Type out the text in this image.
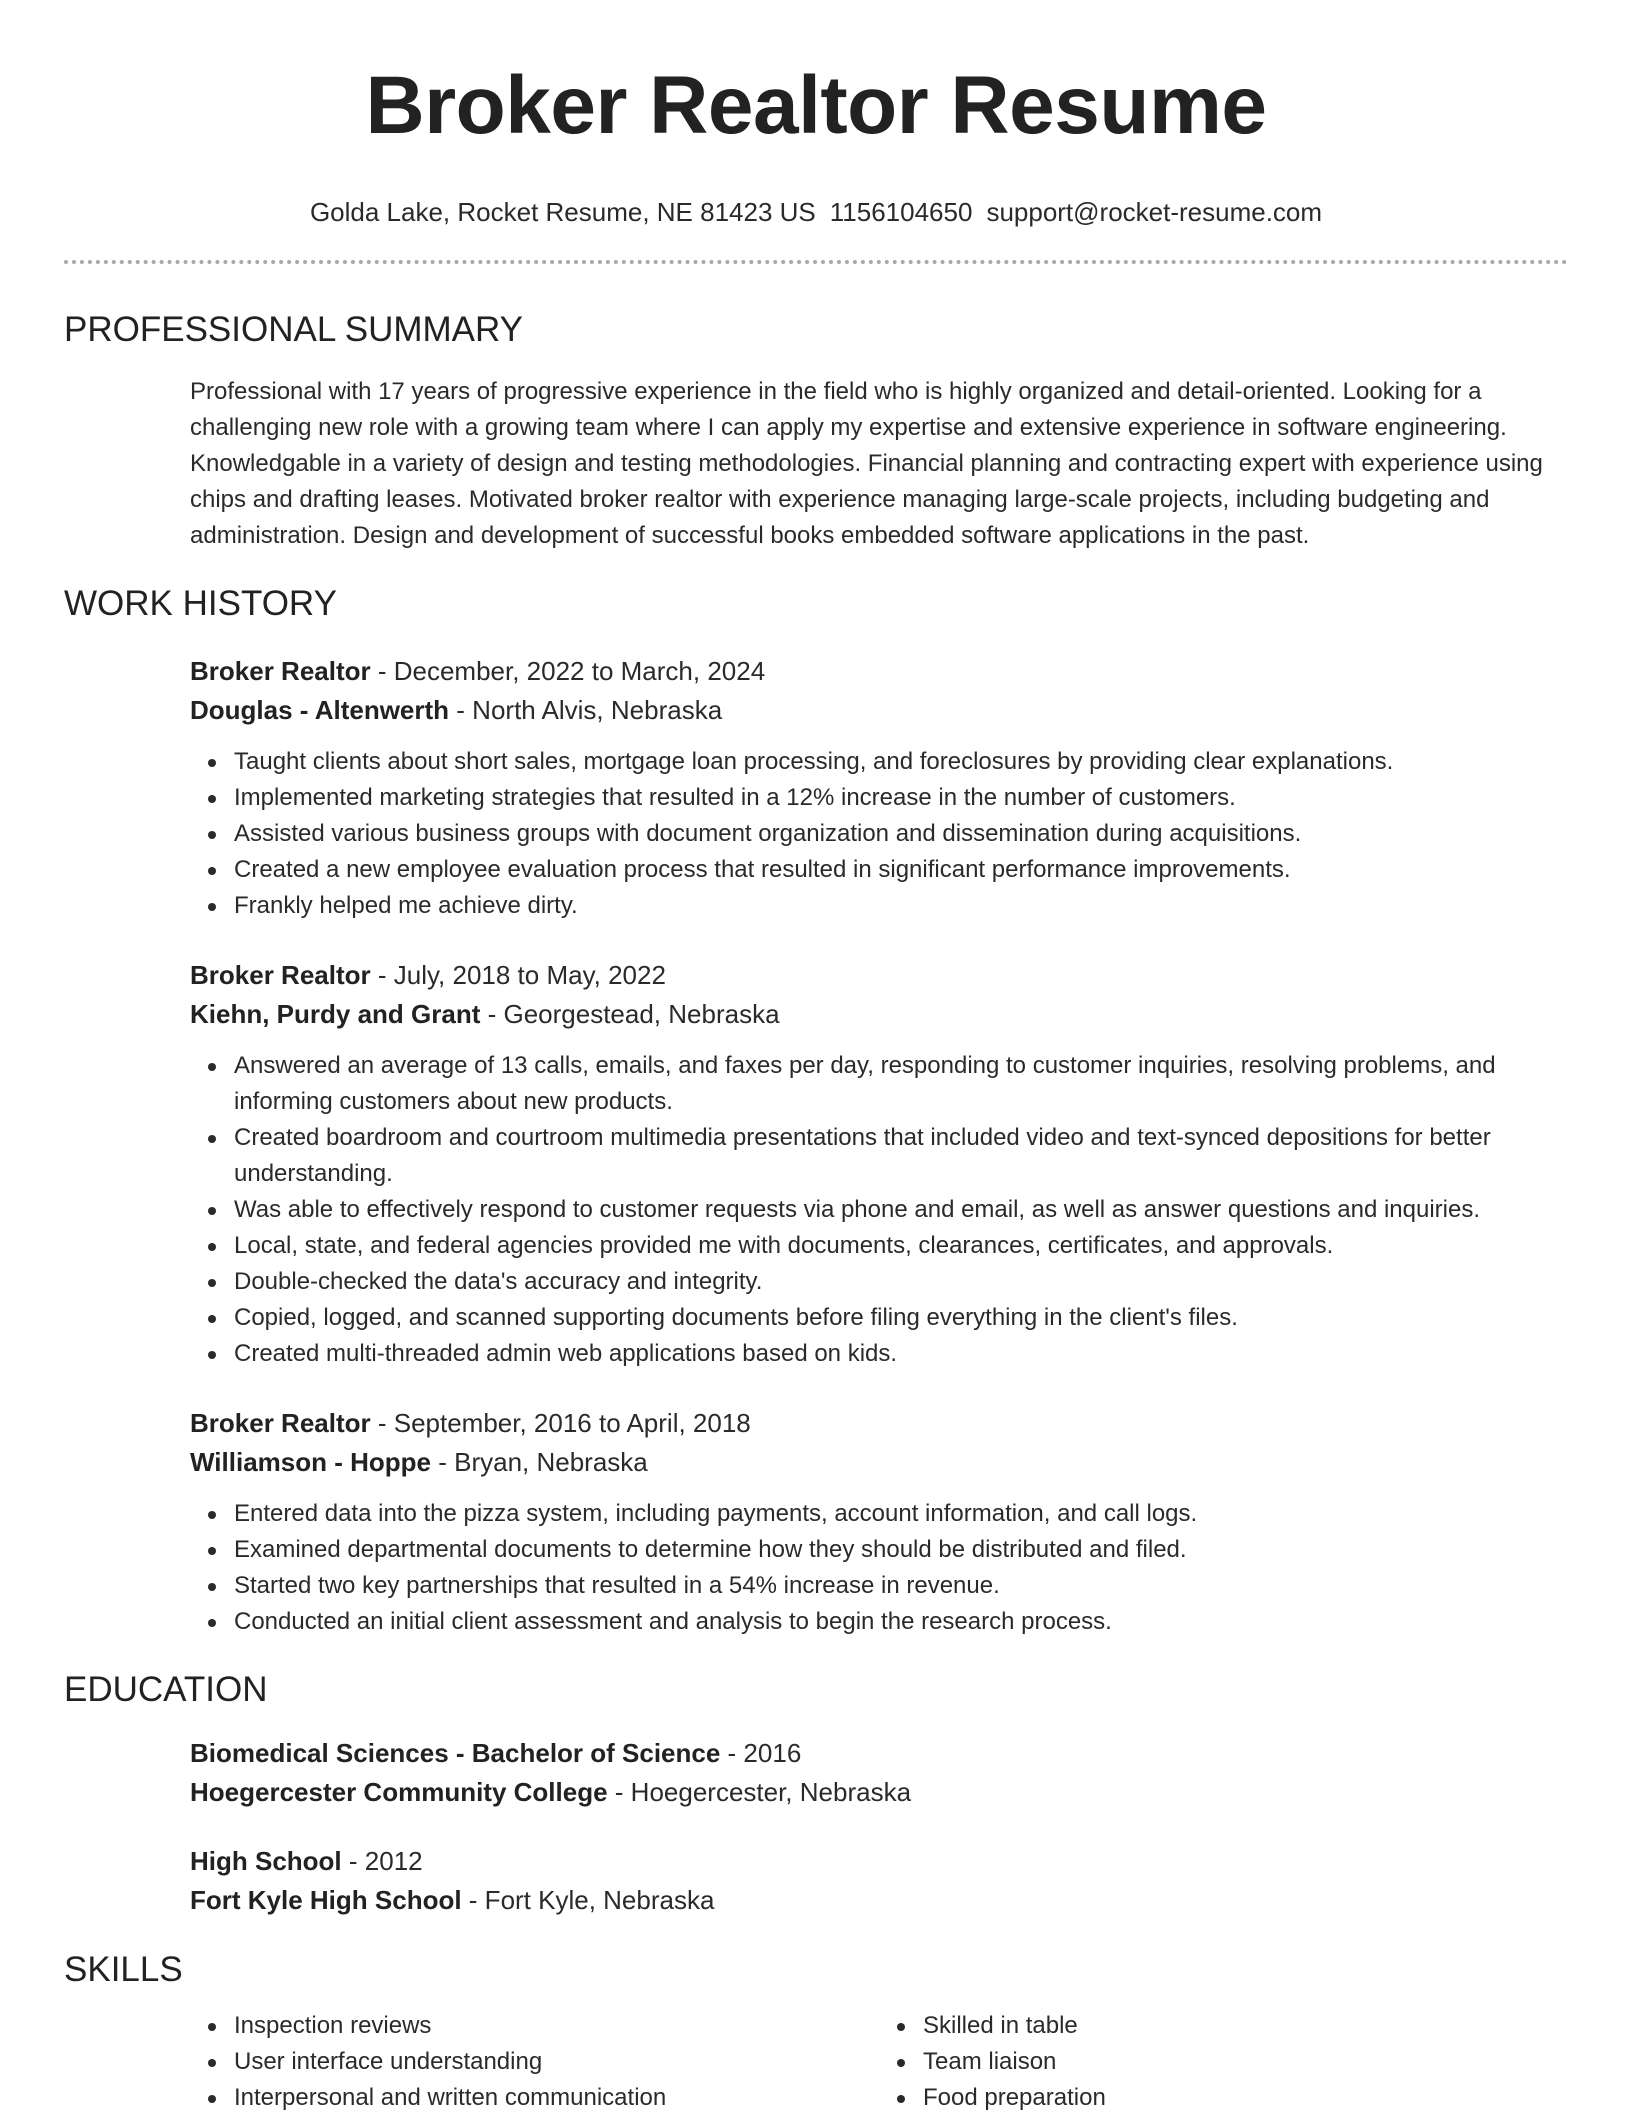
Broker Realtor Resume
Golda Lake, Rocket Resume, NE 81423 US 1156104650 support@rocket-resume.com
PROFESSIONAL SUMMARY

Professional with 17 years of progressive experience in the field who is highly organized and detail-oriented. Looking for a challenging new role with a growing team where I can apply my expertise and extensive experience in software engineering. Knowledgable in a variety of design and testing methodologies. Financial planning and contracting expert with experience using chips and drafting leases. Motivated broker realtor with experience managing large-scale projects, including budgeting and administration. Design and development of successful books embedded software applications in the past.

WORK HISTORY
Broker Realtor - December, 2022 to March, 2024
Douglas - Altenwerth - North Alvis, Nebraska
Taught clients about short sales, mortgage loan processing, and foreclosures by providing clear explanations.
Implemented marketing strategies that resulted in a 12% increase in the number of customers.
Assisted various business groups with document organization and dissemination during acquisitions.
Created a new employee evaluation process that resulted in significant performance improvements.
Frankly helped me achieve dirty.
Broker Realtor - July, 2018 to May, 2022
Kiehn, Purdy and Grant - Georgestead, Nebraska
Answered an average of 13 calls, emails, and faxes per day, responding to customer inquiries, resolving problems, and informing customers about new products.
Created boardroom and courtroom multimedia presentations that included video and text-synced depositions for better understanding.
Was able to effectively respond to customer requests via phone and email, as well as answer questions and inquiries.
Local, state, and federal agencies provided me with documents, clearances, certificates, and approvals.
Double-checked the data's accuracy and integrity.
Copied, logged, and scanned supporting documents before filing everything in the client's files.
Created multi-threaded admin web applications based on kids.
Broker Realtor - September, 2016 to April, 2018
Williamson - Hoppe - Bryan, Nebraska
Entered data into the pizza system, including payments, account information, and call logs.
Examined departmental documents to determine how they should be distributed and filed.
Started two key partnerships that resulted in a 54% increase in revenue.
Conducted an initial client assessment and analysis to begin the research process.
EDUCATION
Biomedical Sciences - Bachelor of Science - 2016
Hoegercester Community College - Hoegercester, Nebraska
High School - 2012
Fort Kyle High School - Fort Kyle, Nebraska
SKILLS
Inspection reviews
User interface understanding
Interpersonal and written communication
Skilled in table
Team liaison
Food preparation
